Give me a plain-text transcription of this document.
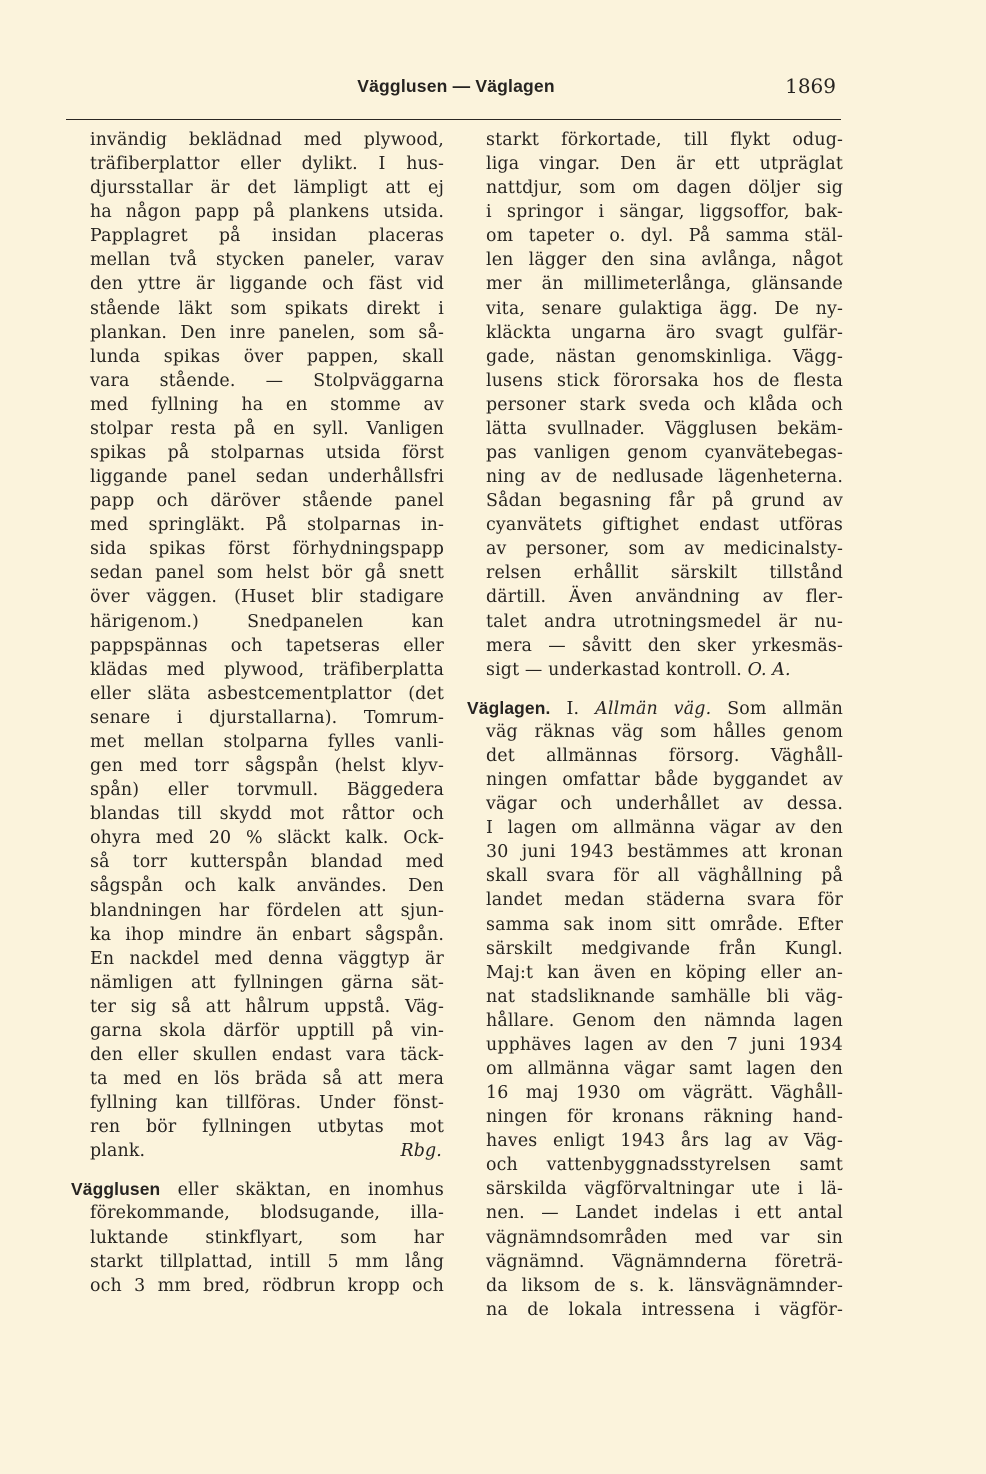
Vägglusen — Väglagen	1869
invändig beklädnad med plywood,
träfiberplattor eller dylikt. I hus-
djursstallar är det lämpligt att ej
ha någon papp på plankens utsida.
Papplagret på insidan placeras
mellan två stycken paneler, varav
den yttre är liggande och fäst vid
stående läkt som spikats direkt i
plankan. Den inre panelen, som så-
lunda spikas över pappen, skall
vara stående. — Stolpväggarna
med fyllning ha en stomme av
stolpar resta på en syll. Vanligen
spikas på stolparnas utsida först
liggande panel sedan underhållsfri
papp och däröver stående panel
med springläkt. På stolparnas in-
sida spikas först förhydningspapp
sedan panel som helst bör gå snett
över väggen. (Huset blir stadigare
härigenom.) Snedpanelen kan
pappspännas och tapetseras eller
klädas med plywood, träfiberplatta
eller släta asbestcementplattor (det
senare i djurstallarna). Tomrum-
met mellan stolparna fylles vanli-
gen med torr sågspån (helst klyv-
spån) eller torvmull. Bäggedera
blandas till skydd mot råttor och
ohyra med 20 % släckt kalk. Ock-
så torr kutterspån blandad med
sågspån och kalk användes. Den
blandningen har fördelen att sjun-
ka ihop mindre än enbart sågspån.
En nackdel med denna väggtyp är
nämligen att fyllningen gärna sät-
ter sig så att hålrum uppstå. Väg-
garna skola därför upptill på vin-
den eller skullen endast vara täck-
ta med en lös bräda så att mera
fyllning kan tillföras. Under fönst-
ren bör fyllningen utbytas mot
plank.	Rbg.
Vägglusen eller skäktan, en inomhus
förekommande, blodsugande, illa-
luktande stinkflyart, som har
starkt tillplattad, intill 5 mm lång
och 3 mm bred, rödbrun kropp och
starkt förkortade, till flykt odug-
liga vingar. Den är ett utpräglat
nattdjur, som om dagen döljer sig
i springor i sängar, liggsoffor, bak-
om tapeter o. dyl. På samma stäl-
len lägger den sina avlånga, något
mer än millimeterlånga, glänsande
vita, senare gulaktiga ägg. De ny-
kläckta ungarna äro svagt gulfär-
gade, nästan genomskinliga. Vägg-
lusens stick förorsaka hos de flesta
personer stark sveda och klåda och
lätta svullnader. Vägglusen bekäm-
pas vanligen genom cyanvätebegas-
ning av de nedlusade lägenheterna.
Sådan begasning får på grund av
cyanvätets giftighet endast utföras
av personer, som av medicinalsty-
relsen erhållit särskilt tillstånd
därtill. Även användning av fler-
talet andra utrotningsmedel är nu-
mera — såvitt den sker yrkesmäs-
sigt — underkastad kontroll. O. A.
Väglagen. I. Allmän väg. Som allmän
väg räknas väg som hålles genom
det allmännas försorg. Väghåll-
ningen omfattar både byggandet av
vägar och underhållet av dessa.
I lagen om allmänna vägar av den
30 juni 1943 bestämmes att kronan
skall svara för all väghållning på
landet medan städerna svara för
samma sak inom sitt område. Efter
särskilt medgivande från Kungl.
Maj:t kan även en köping eller an-
nat stadsliknande samhälle bli väg-
hållare. Genom den nämnda lagen
upphäves lagen av den 7 juni 1934
om allmänna vägar samt lagen den
16 maj 1930 om vägrätt. Väghåll-
ningen för kronans räkning hand-
haves enligt 1943 års lag av Väg-
och vattenbyggnadsstyrelsen samt
särskilda vägförvaltningar ute i lä-
nen. — Landet indelas i ett antal
vägnämndsområden med var sin
vägnämnd. Vägnämnderna företrä-
da liksom de s. k. länsvägnämnder-
na de lokala intressena i vägför-
